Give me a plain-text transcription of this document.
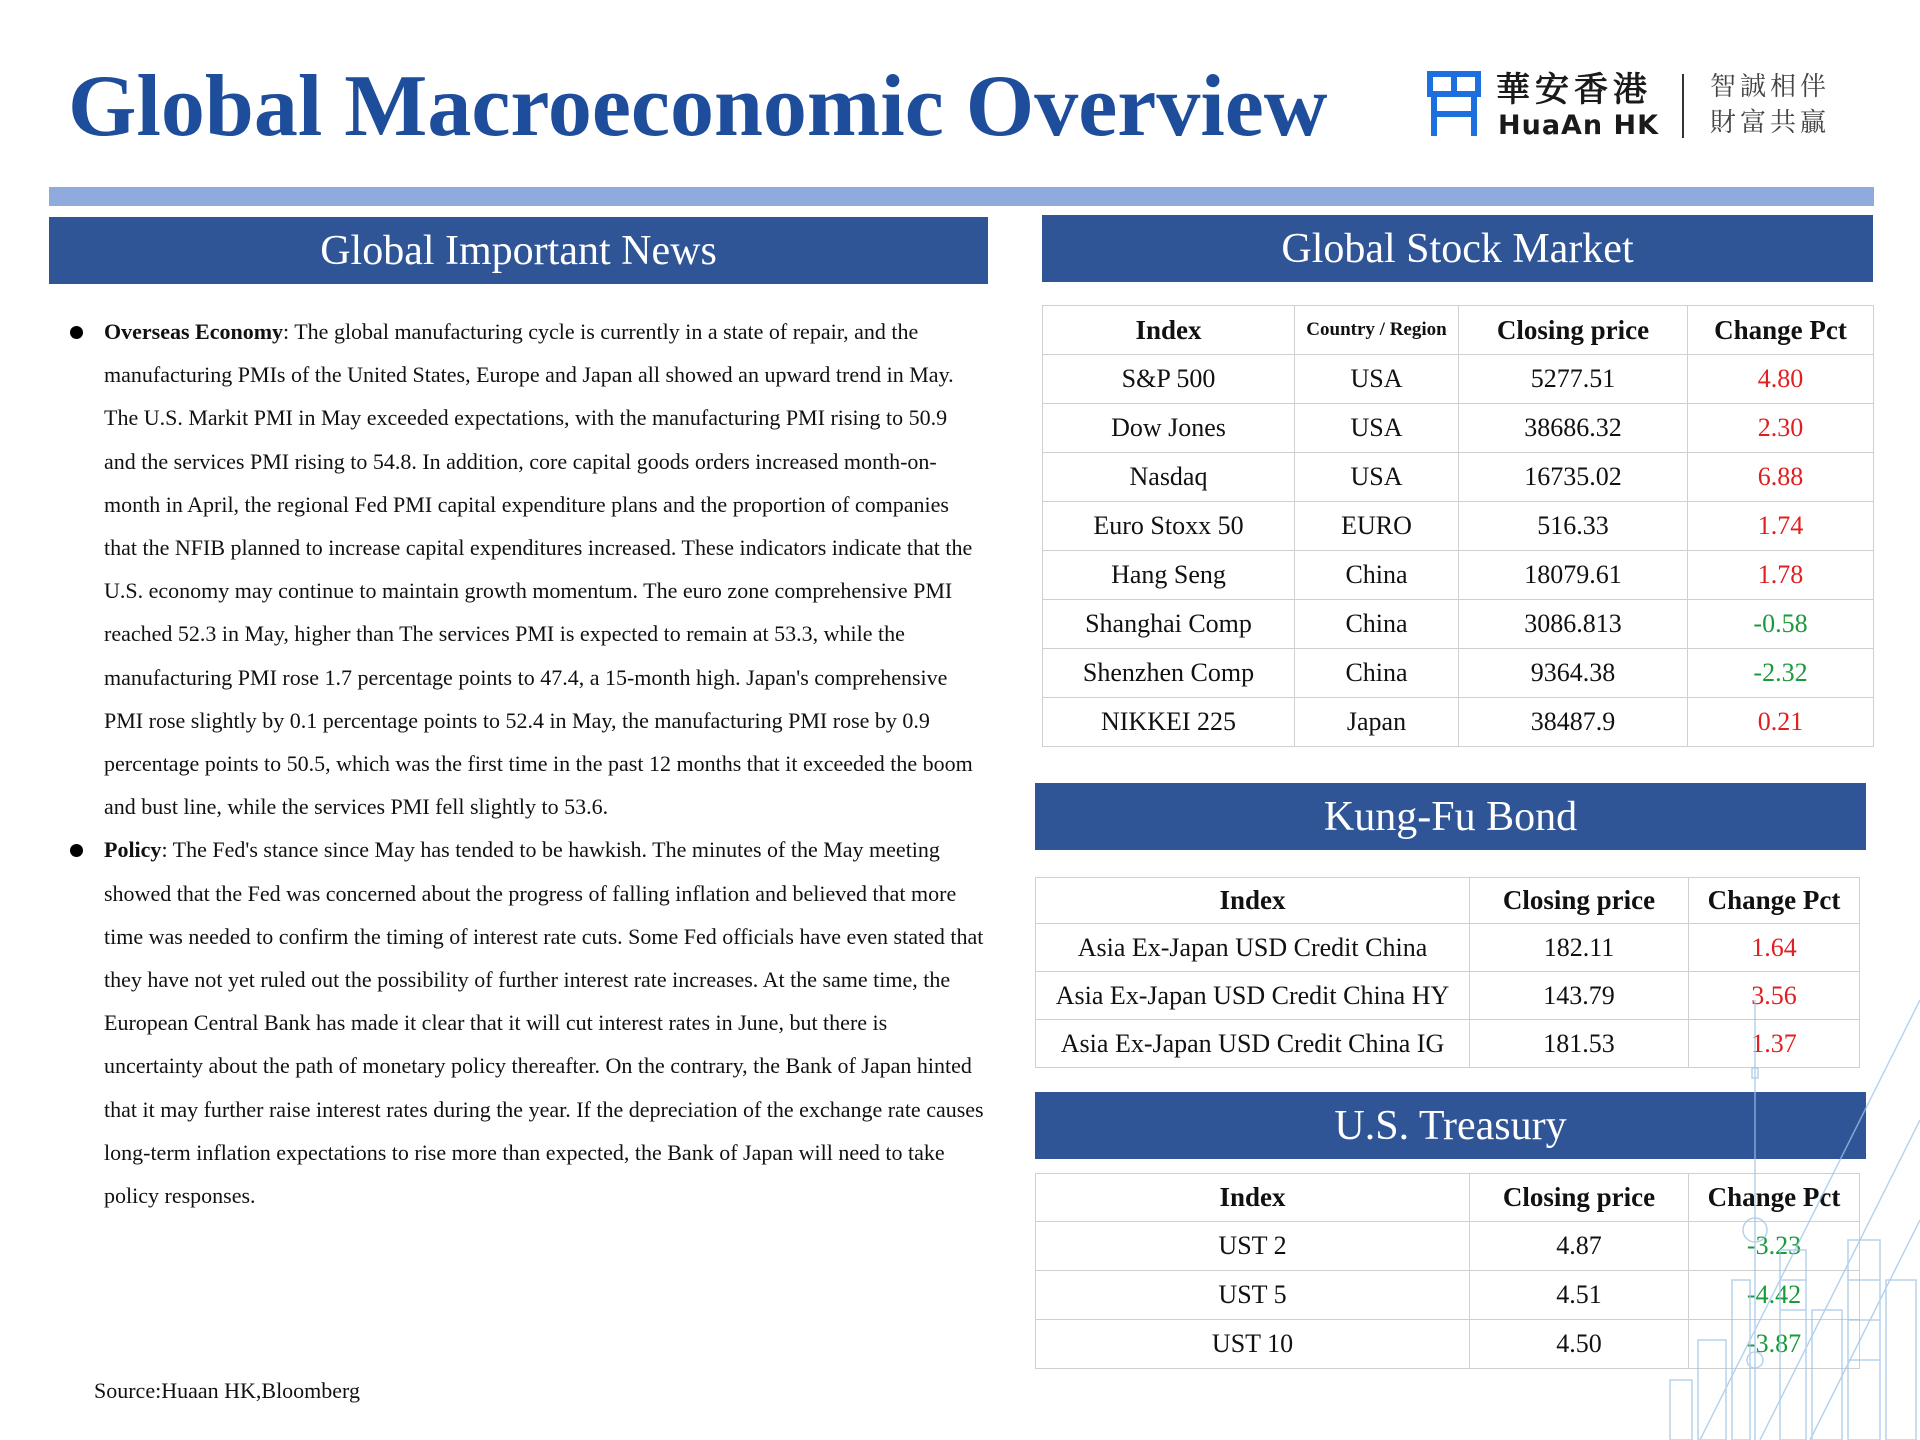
Global Macroeconomic Overview	華安香港
HuaAn HK
智誠相伴
財富共贏
Global Important News
Overseas Economy: The global manufacturing cycle is currently in a state of repair, and the manufacturing PMIs of the United States, Europe and Japan all showed an upward trend in May. The U.S. Markit PMI in May exceeded expectations, with the manufacturing PMI rising to 50.9 and the services PMI rising to 54.8. In addition, core capital goods orders increased month-on-month in April, the regional Fed PMI capital expenditure plans and the proportion of companies that the NFIB planned to increase capital expenditures increased. These indicators indicate that the U.S. economy may continue to maintain growth momentum. The euro zone comprehensive PMI reached 52.3 in May, higher than The services PMI is expected to remain at 53.3, while the manufacturing PMI rose 1.7 percentage points to 47.4, a 15-month high. Japan's comprehensive PMI rose slightly by 0.1 percentage points to 52.4 in May, the manufacturing PMI rose by 0.9 percentage points to 50.5, which was the first time in the past 12 months that it exceeded the boom and bust line, while the services PMI fell slightly to 53.6.
Policy: The Fed's stance since May has tended to be hawkish. The minutes of the May meeting showed that the Fed was concerned about the progress of falling inflation and believed that more time was needed to confirm the timing of interest rate cuts. Some Fed officials have even stated that they have not yet ruled out the possibility of further interest rate increases. At the same time, the European Central Bank has made it clear that it will cut interest rates in June, but there is uncertainty about the path of monetary policy thereafter. On the contrary, the Bank of Japan hinted that it may further raise interest rates during the year. If the depreciation of the exchange rate causes long-term inflation expectations to rise more than expected, the Bank of Japan will need to take policy responses.
Source:Huaan HK,Bloomberg
Global Stock Market
Index	Country / Region	Closing price	Change Pct
S&P 500	USA	5277.51	4.80
Dow Jones	USA	38686.32	2.30
Nasdaq	USA	16735.02	6.88
Euro Stoxx 50	EURO	516.33	1.74
Hang Seng	China	18079.61	1.78
Shanghai Comp	China	3086.813	-0.58
Shenzhen Comp	China	9364.38	-2.32
NIKKEI 225	Japan	38487.9	0.21
Kung-Fu Bond
Index	Closing price	Change Pct
Asia Ex-Japan USD Credit China	182.11	1.64
Asia Ex-Japan USD Credit China HY	143.79	3.56
Asia Ex-Japan USD Credit China IG	181.53	1.37
U.S. Treasury
Index	Closing price	Change Pct
UST 2	4.87	-3.23
UST 5	4.51	-4.42
UST 10	4.50	-3.87
